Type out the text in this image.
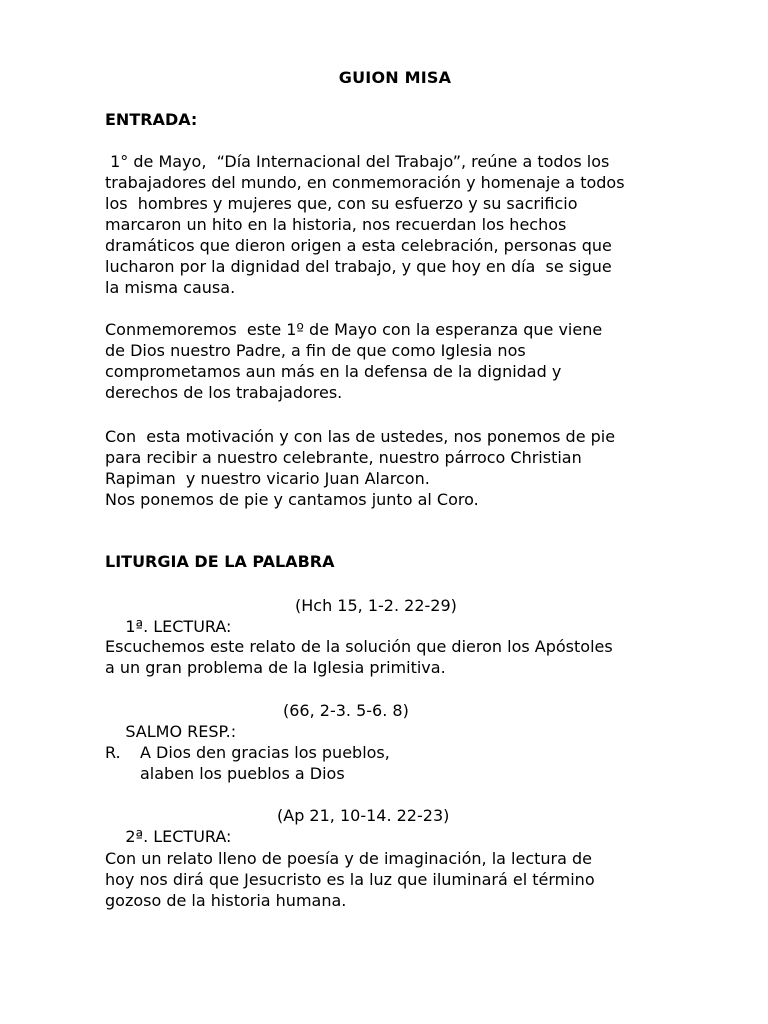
GUION MISA
ENTRADA:

1° de Mayo,  “Día Internacional del Trabajo”, reúne a todos los
trabajadores del mundo, en conmemoración y homenaje a todos
los  hombres y mujeres que, con su esfuerzo y su sacrificio
marcaron un hito en la historia, nos recuerdan los hechos
dramáticos que dieron origen a esta celebración, personas que
lucharon por la dignidad del trabajo, y que hoy en día  se sigue
la misma causa.

Conmemoremos  este 1º de Mayo con la esperanza que viene
de Dios nuestro Padre, a fin de que como Iglesia nos
comprometamos aun más en la defensa de la dignidad y
derechos de los trabajadores.

Con  esta motivación y con las de ustedes, nos ponemos de pie
para recibir a nuestro celebrante, nuestro párroco Christian
Rapiman  y nuestro vicario Juan Alarcon.
Nos ponemos de pie y cantamos junto al Coro.

LITURGIA DE LA PALABRA

1ª. LECTURA:

(Hch 15, 1-2. 22-29)

Escuchemos este relato de la solución que dieron los Apóstoles
a un gran problema de la Iglesia primitiva.

SALMO RESP.:

(66, 2-3. 5-6. 8)

R. A Dios den gracias los pueblos,
alaben los pueblos a Dios

2ª. LECTURA:

(Ap 21, 10-14. 22-23)

Con un relato lleno de poesía y de imaginación, la lectura de
hoy nos dirá que Jesucristo es la luz que iluminará el término
gozoso de la historia humana.
